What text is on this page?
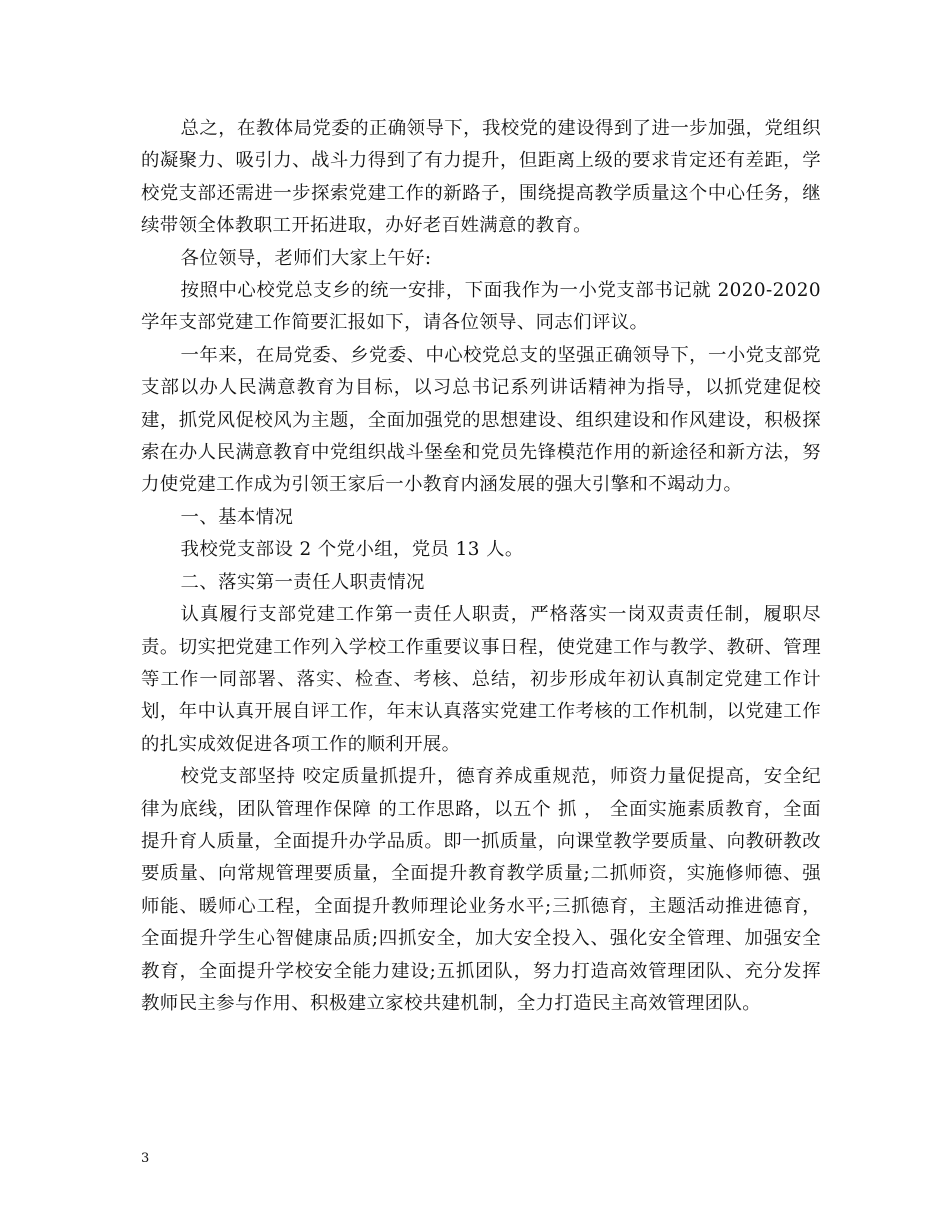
总之，在教体局党委的正确领导下，我校党的建设得到了进一步加强，党组织的凝聚力、吸引力、战斗力得到了有力提升，但距离上级的要求肯定还有差距，学校党支部还需进一步探索党建工作的新路子，围绕提高教学质量这个中心任务，继续带领全体教职工开拓进取，办好老百姓满意的教育。

各位领导，老师们大家上午好:

按照中心校党总支乡的统一安排，下面我作为一小党支部书记就 2020-2020 学年支部党建工作简要汇报如下，请各位领导、同志们评议。

一年来，在局党委、乡党委、中心校党总支的坚强正确领导下，一小党支部党支部以办人民满意教育为目标，以习总书记系列讲话精神为指导，以抓党建促校建，抓党风促校风为主题，全面加强党的思想建设、组织建设和作风建设，积极探索在办人民满意教育中党组织战斗堡垒和党员先锋模范作用的新途径和新方法，努力使党建工作成为引领王家后一小教育内涵发展的强大引擎和不竭动力。

一、基本情况

我校党支部设 2 个党小组，党员 13 人。

二、落实第一责任人职责情况

认真履行支部党建工作第一责任人职责，严格落实一岗双责责任制，履职尽责。切实把党建工作列入学校工作重要议事日程，使党建工作与教学、教研、管理等工作一同部署、落实、检查、考核、总结，初步形成年初认真制定党建工作计划，年中认真开展自评工作，年末认真落实党建工作考核的工作机制，以党建工作的扎实成效促进各项工作的顺利开展。

校党支部坚持 咬定质量抓提升，德育养成重规范，师资力量促提高，安全纪律为底线，团队管理作保障 的工作思路，以五个 抓 ， 全面实施素质教育，全面提升育人质量，全面提升办学品质。即一抓质量，向课堂教学要质量、向教研教改要质量、向常规管理要质量，全面提升教育教学质量;二抓师资，实施修师德、强师能、暖师心工程，全面提升教师理论业务水平;三抓德育，主题活动推进德育，全面提升学生心智健康品质;四抓安全，加大安全投入、强化安全管理、加强安全教育，全面提升学校安全能力建设;五抓团队，努力打造高效管理团队、充分发挥教师民主参与作用、积极建立家校共建机制，全力打造民主高效管理团队。

3
